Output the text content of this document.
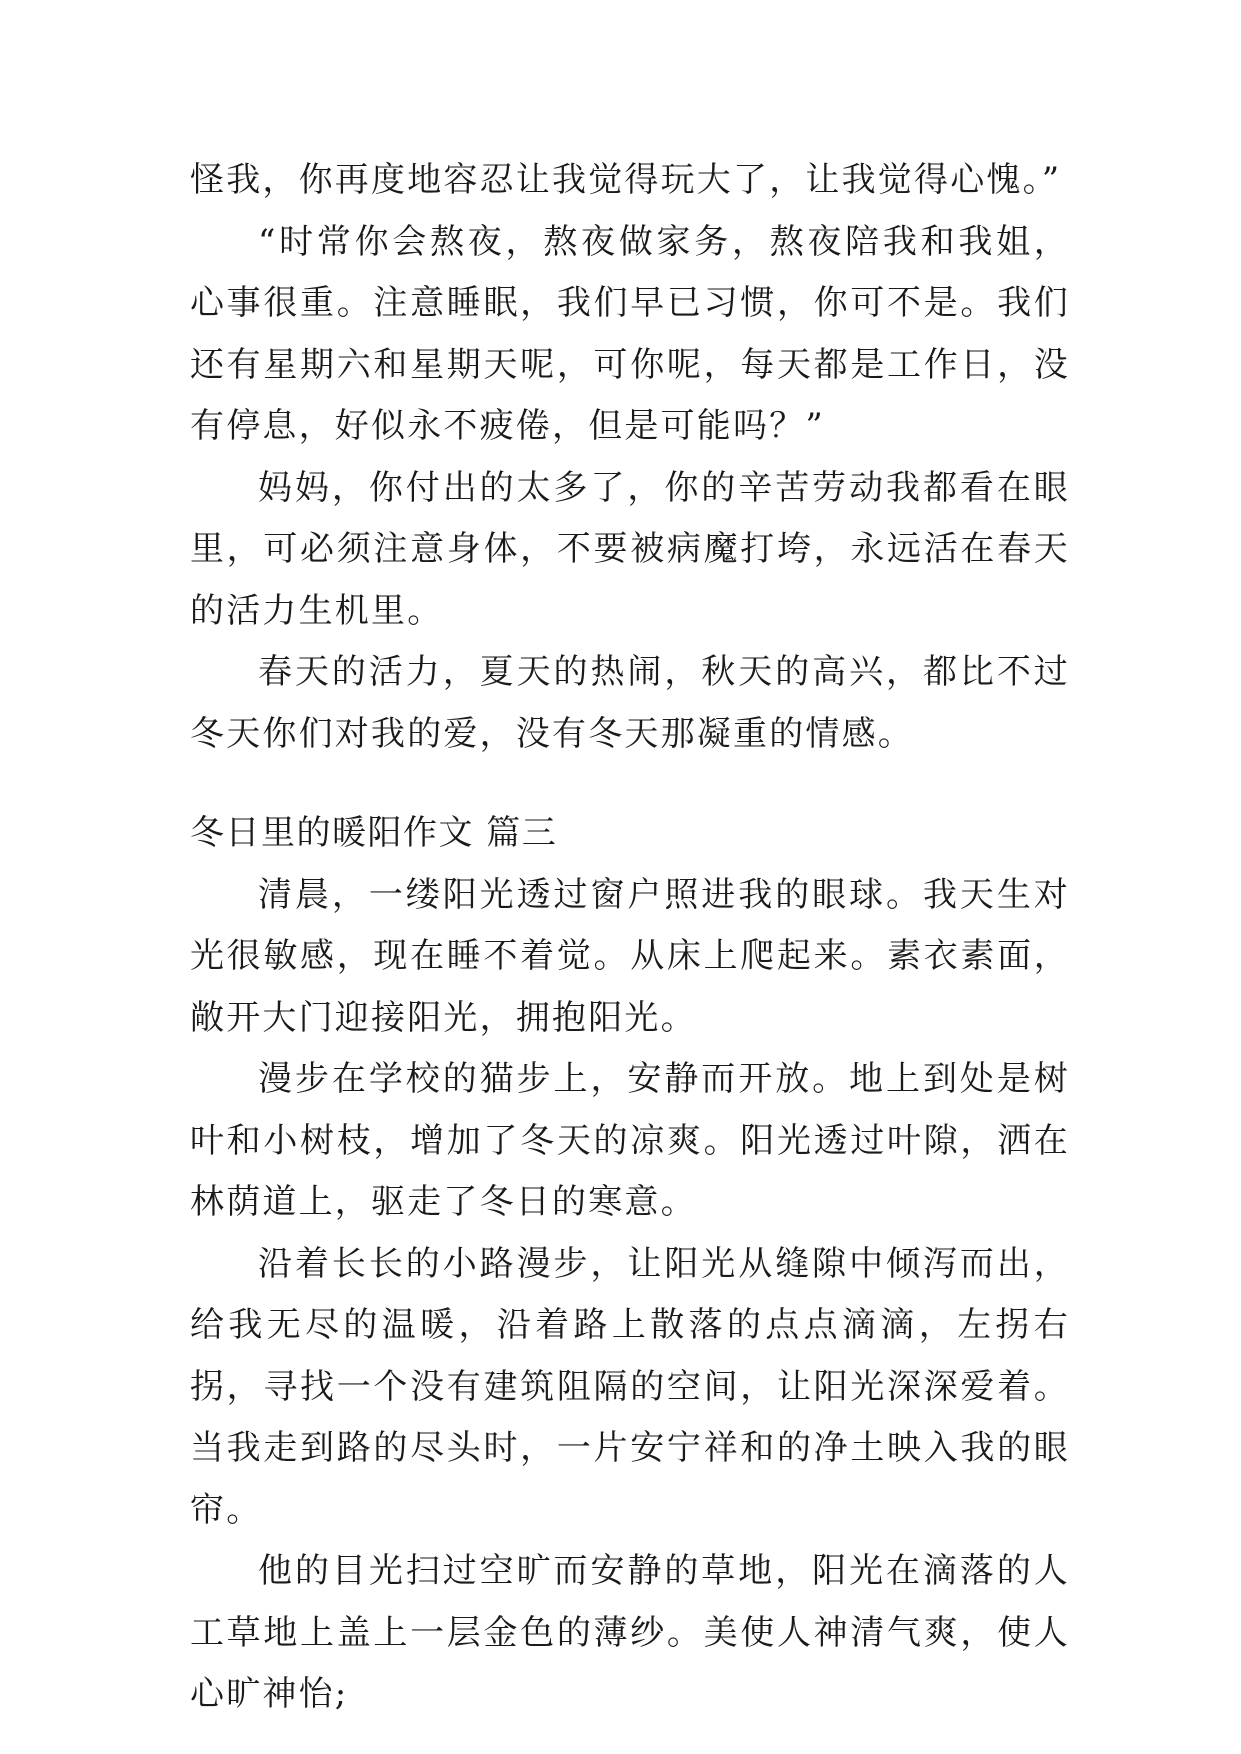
怪我，你再度地容忍让我觉得玩大了，让我觉得心愧。”

“时常你会熬夜，熬夜做家务，熬夜陪我和我姐，心事很重。注意睡眠，我们早已习惯，你可不是。我们还有星期六和星期天呢，可你呢，每天都是工作日，没有停息，好似永不疲倦，但是可能吗？”

妈妈，你付出的太多了，你的辛苦劳动我都看在眼里，可必须注意身体，不要被病魔打垮，永远活在春天的活力生机里。

春天的活力，夏天的热闹，秋天的高兴，都比不过冬天你们对我的爱，没有冬天那凝重的情感。

冬日里的暖阳作文 篇三

清晨，一缕阳光透过窗户照进我的眼球。我天生对光很敏感，现在睡不着觉。从床上爬起来。素衣素面，敞开大门迎接阳光，拥抱阳光。

漫步在学校的猫步上，安静而开放。地上到处是树叶和小树枝，增加了冬天的凉爽。阳光透过叶隙，洒在林荫道上，驱走了冬日的寒意。

沿着长长的小路漫步，让阳光从缝隙中倾泻而出，给我无尽的温暖，沿着路上散落的点点滴滴，左拐右拐，寻找一个没有建筑阻隔的空间，让阳光深深爱着。当我走到路的尽头时，一片安宁祥和的净土映入我的眼帘。

他的目光扫过空旷而安静的草地，阳光在滴落的人工草地上盖上一层金色的薄纱。美使人神清气爽，使人心旷神怡;
